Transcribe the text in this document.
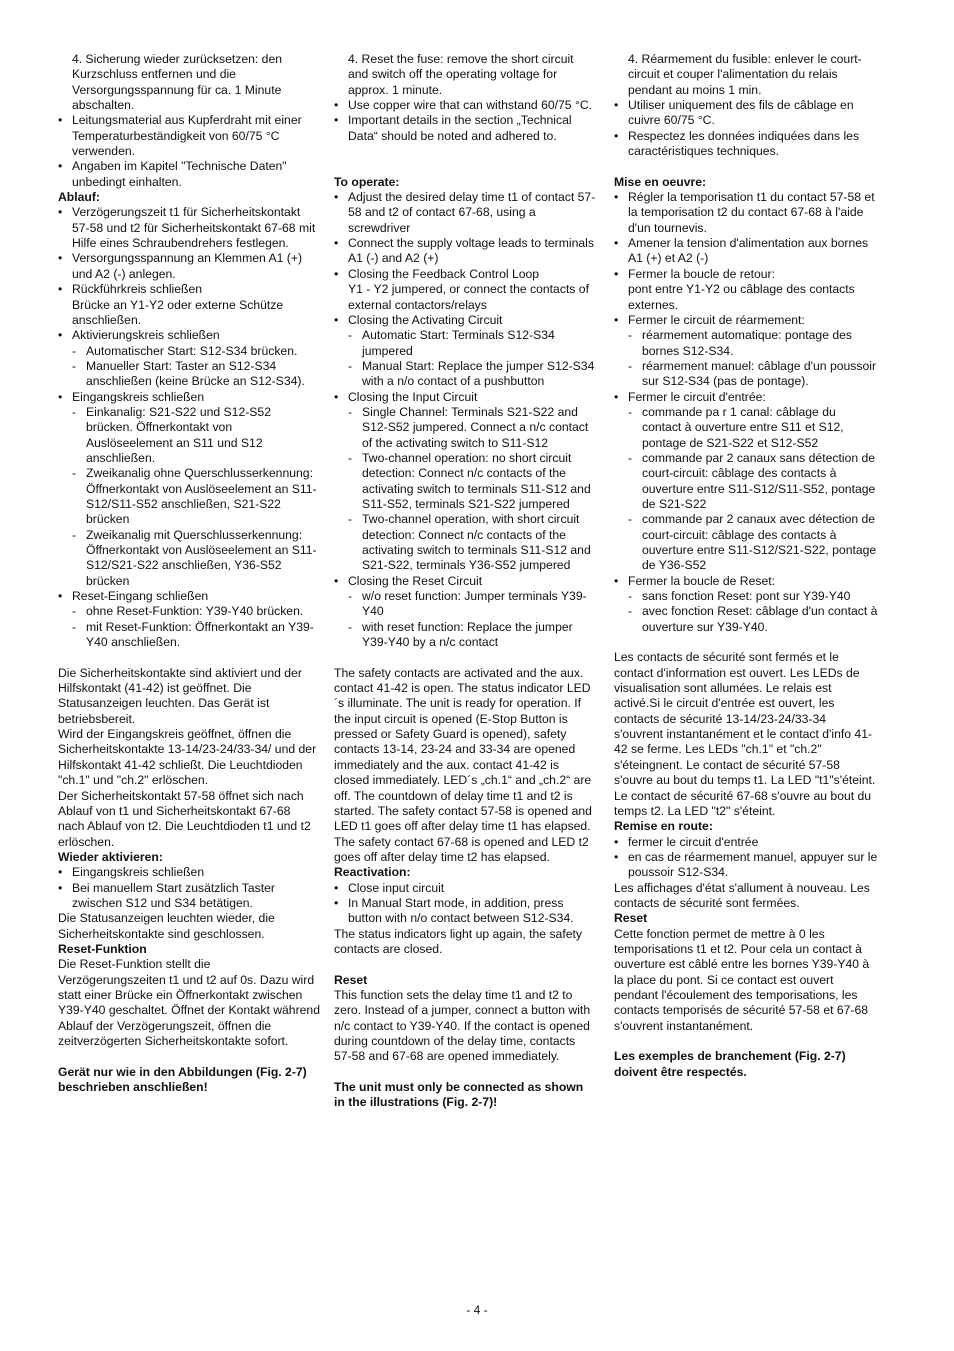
4. Sicherung wieder zurücksetzen: den Kurzschluss entfernen und die Versorgungsspannung für ca. 1 Minute abschalten.

• Leitungsmaterial aus Kupferdraht mit einer Temperaturbeständigkeit von 60/75 °C verwenden.

• Angaben im Kapitel "Technische Daten" unbedingt einhalten.

Ablauf:

• Verzögerungszeit t1 für Sicherheitskontakt 57-58 und t2 für Sicherheitskontakt 67-68 mit Hilfe eines Schraubendrehers festlegen.

• Versorgungsspannung an Klemmen A1 (+) und A2 (-) anlegen.

• Rückführkreis schließen

Brücke an Y1-Y2 oder externe Schütze anschließen.

• Aktivierungskreis schließen

- Automatischer Start: S12-S34 brücken.

- Manueller Start: Taster an S12-S34 anschließen (keine Brücke an S12-S34).

• Eingangskreis schließen

- Einkanalig: S21-S22 und S12-S52 brücken. Öffnerkontakt von Auslöseelement an S11 und S12 anschließen.

- Zweikanalig ohne Querschlusserkennung: Öffnerkontakt von Auslöseelement an S11-S12/S11-S52 anschließen, S21-S22 brücken

- Zweikanalig mit Querschlusserkennung: Öffnerkontakt von Auslöseelement an S11-S12/S21-S22 anschließen, Y36-S52 brücken

• Reset-Eingang schließen

- ohne Reset-Funktion: Y39-Y40 brücken.

- mit Reset-Funktion: Öffnerkontakt an Y39-Y40 anschließen.

Die Sicherheitskontakte sind aktiviert und der Hilfskontakt (41-42) ist geöffnet. Die Statusanzeigen leuchten. Das Gerät ist betriebsbereit.

Wird der Eingangskreis geöffnet, öffnen die Sicherheitskontakte 13-14/23-24/33-34/ und der Hilfskontakt 41-42 schließt. Die Leuchtdioden "ch.1" und "ch.2" erlöschen.

Der Sicherheitskontakt 57-58 öffnet sich nach Ablauf von t1 und Sicherheitskontakt 67-68 nach Ablauf von t2. Die Leuchtdioden t1 und t2 erlöschen.

Wieder aktivieren:

• Eingangskreis schließen

• Bei manuellem Start zusätzlich Taster zwischen S12 und S34 betätigen.

Die Statusanzeigen leuchten wieder, die Sicherheitskontakte sind geschlossen.

Reset-Funktion

Die Reset-Funktion stellt die Verzögerungszeiten t1 und t2 auf 0s. Dazu wird statt einer Brücke ein Öffnerkontakt zwischen Y39-Y40 geschaltet. Öffnet der Kontakt während Ablauf der Verzögerungszeit, öffnen die zeitverzögerten Sicherheitskontakte sofort.

Gerät nur wie in den Abbildungen (Fig. 2-7) beschrieben anschließen!

4. Reset the fuse: remove the short circuit and switch off the operating voltage for approx. 1 minute.

• Use copper wire that can withstand 60/75 °C.

• Important details in the section „Technical Data“ should be noted and adhered to.

To operate:

• Adjust the desired delay time t1 of contact 57-58 and t2 of contact 67-68, using a screwdriver

• Connect the supply voltage leads to terminals A1 (-) and A2 (+)

• Closing the Feedback Control Loop

Y1 - Y2 jumpered, or connect the contacts of external contactors/relays

• Closing the Activating Circuit

- Automatic Start: Terminals S12-S34 jumpered

- Manual Start: Replace the jumper S12-S34 with a n/o contact of a pushbutton

• Closing the Input Circuit

- Single Channel: Terminals S21-S22 and S12-S52 jumpered. Connect a n/c contact of the activating switch to S11-S12

- Two-channel operation: no short circuit detection: Connect n/c contacts of the activating switch to terminals S11-S12 and S11-S52, terminals S21-S22 jumpered

- Two-channel operation, with short circuit detection: Connect n/c contacts of the activating switch to terminals S11-S12 and S21-S22, terminals Y36-S52 jumpered

• Closing the Reset Circuit

- w/o reset function: Jumper terminals Y39-Y40

- with reset function: Replace the jumper Y39-Y40 by a n/c contact

The safety contacts are activated and the aux. contact 41-42 is open. The status indicator LED´s illuminate. The unit is ready for operation. If the input circuit is opened (E-Stop Button is pressed or Safety Guard is opened), safety contacts 13-14, 23-24 and 33-34 are opened immediately and the aux. contact 41-42 is closed immediately. LED´s „ch.1“ and „ch.2“ are off. The countdown of delay time t1 and t2 is started. The safety contact 57-58 is opened and LED t1 goes off after delay time t1 has elapsed. The safety contact 67-68 is opened and LED t2 goes off after delay time t2 has elapsed.

Reactivation:

• Close input circuit

• In Manual Start mode, in addition, press button with n/o contact between S12-S34.

The status indicators light up again, the safety contacts are closed.

Reset

This function sets the delay time t1 and t2 to zero. Instead of a jumper, connect a button with n/c contact to Y39-Y40. If the contact is opened during countdown of the delay time, contacts 57-58 and 67-68 are opened immediately.

The unit must only be connected as shown in the illustrations (Fig. 2-7)!

4. Réarmement du fusible: enlever le court-circuit et couper l'alimentation du relais pendant au moins 1 min.

• Utiliser uniquement des fils de câblage en cuivre 60/75 °C.

• Respectez les données indiquées dans les caractéristiques techniques.

Mise en oeuvre:

• Régler la temporisation t1 du contact 57-58 et la temporisation t2 du contact 67-68 à l'aide d'un tournevis.

• Amener la tension d'alimentation aux bornes A1 (+) et A2 (-)

• Fermer la boucle de retour:

pont entre Y1-Y2 ou câblage des contacts externes.

• Fermer le circuit de réarmement:

- réarmement automatique: pontage des bornes S12-S34.

- réarmement manuel: câblage d'un poussoir sur S12-S34 (pas de pontage).

• Fermer le circuit d'entrée:

- commande pa r 1 canal: câblage du contact à ouverture entre S11 et S12, pontage de S21-S22 et S12-S52

- commande par 2 canaux sans détection de court-circuit: câblage des contacts à ouverture entre S11-S12/S11-S52, pontage de S21-S22

- commande par 2 canaux avec détection de court-circuit: câblage des contacts à ouverture entre S11-S12/S21-S22, pontage de Y36-S52

• Fermer la boucle de Reset:

- sans fonction Reset: pont sur Y39-Y40

- avec fonction Reset: câblage d'un contact à ouverture sur Y39-Y40.

Les contacts de sécurité sont fermés et le contact d'information est ouvert. Les LEDs de visualisation sont allumées. Le relais est activé.Si le circuit d'entrée est ouvert, les contacts de sécurité 13-14/23-24/33-34 s'ouvrent instantanément et le contact d'info 41-42 se ferme. Les LEDs "ch.1" et "ch.2" s'éteingnent. Le contact de sécurité 57-58 s'ouvre au bout du temps t1. La LED "t1"s'éteint. Le contact de sécurité 67-68 s'ouvre au bout du temps t2. La LED "t2" s'éteint.

Remise en route:

• fermer le circuit d'entrée

• en cas de réarmement manuel, appuyer sur le poussoir S12-S34.

Les affichages d'état s'allument à nouveau. Les contacts de sécurité sont fermées.

Reset

Cette fonction permet de mettre à 0 les temporisations t1 et t2. Pour cela un contact à ouverture est câblé entre les bornes Y39-Y40 à la place du pont. Si ce contact est ouvert pendant l'écoulement des temporisations, les contacts temporisés de sécurité 57-58 et 67-68 s'ouvrent instantanément.

Les exemples de branchement (Fig. 2-7) doivent être respectés.

- 4 -
